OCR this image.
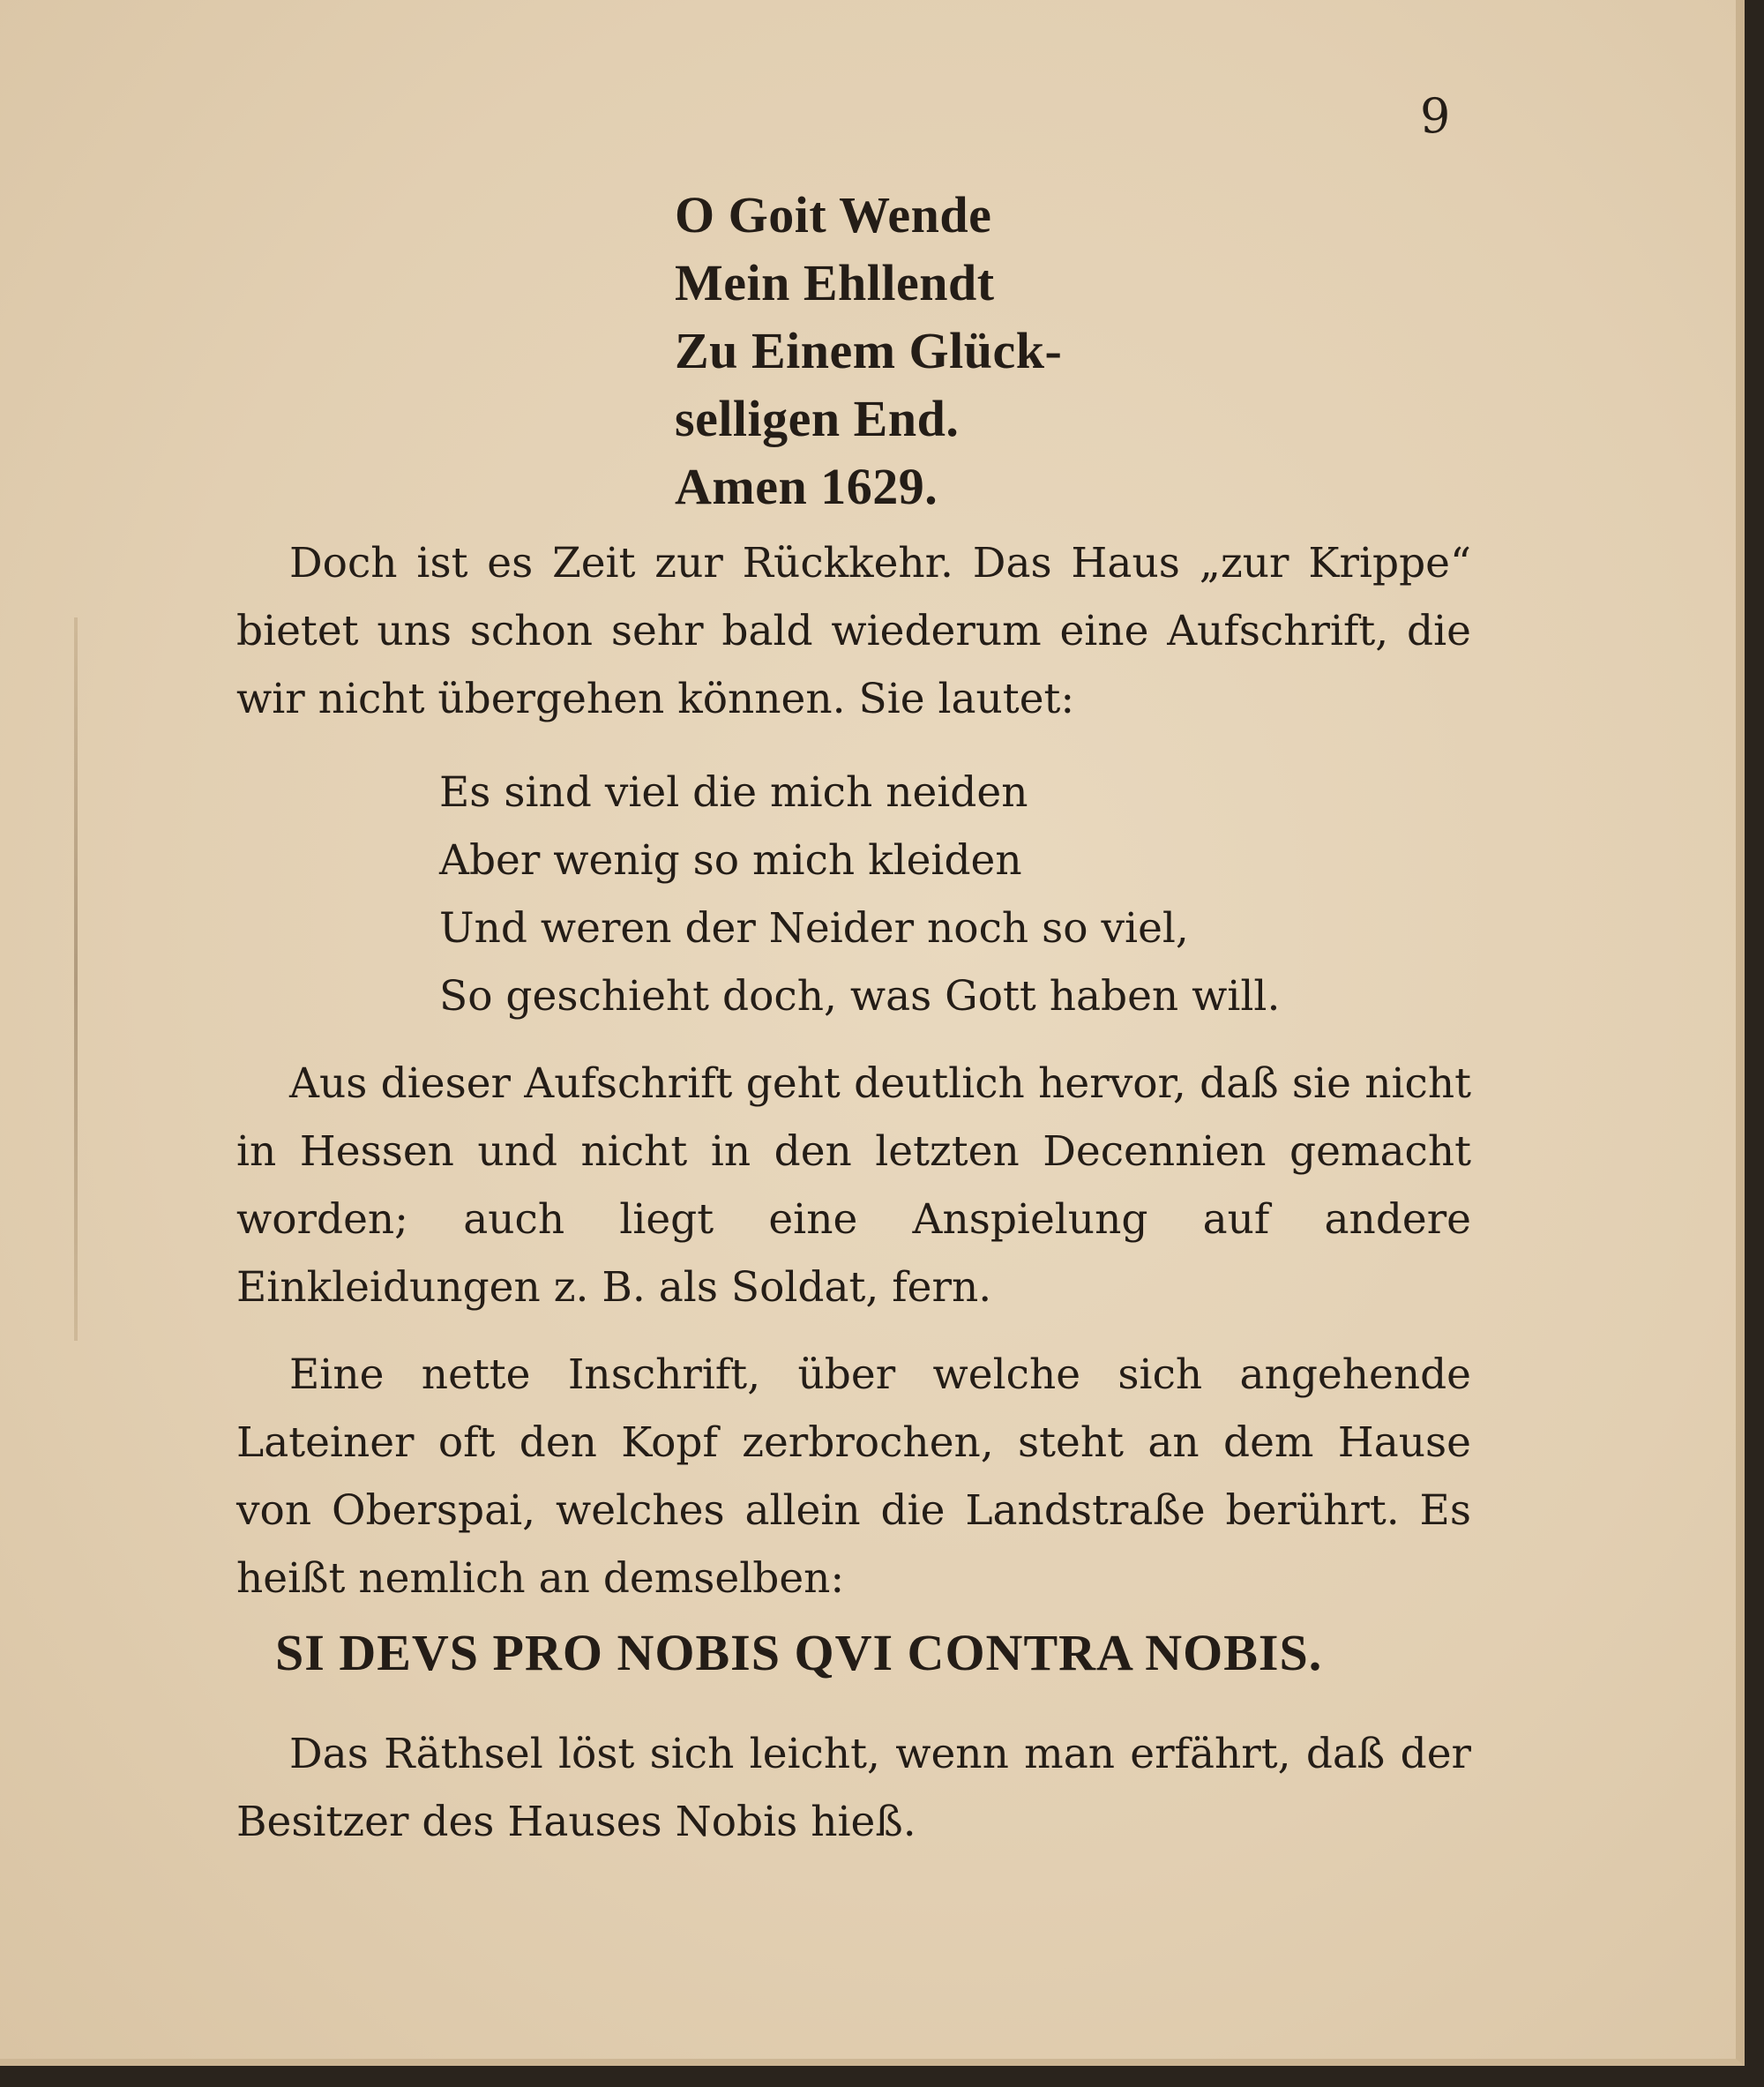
9
O Goit Wende
Mein Ehllendt
Zu Einem Glück-
selligen End.
Amen 1629.
Doch ist es Zeit zur Rückkehr. Das Haus „zur Krippe“ bietet uns schon sehr bald wiederum eine Aufschrift, die wir nicht übergehen können. Sie lautet:
Es sind viel die mich neiden
Aber wenig so mich kleiden
Und weren der Neider noch so viel,
So geschieht doch, was Gott haben will.
Aus dieser Aufschrift geht deutlich hervor, daß sie nicht in Hessen und nicht in den letzten Decennien gemacht worden; auch liegt eine Anspielung auf andere Einkleidungen z. B. als Soldat, fern.
Eine nette Inschrift, über welche sich angehende Lateiner oft den Kopf zerbrochen, steht an dem Hause von Oberspai, welches allein die Landstraße berührt. Es heißt nemlich an demselben:
SI DEVS PRO NOBIS QVI CONTRA NOBIS.
Das Räthsel löst sich leicht, wenn man erfährt, daß der Besitzer des Hauses Nobis hieß.
